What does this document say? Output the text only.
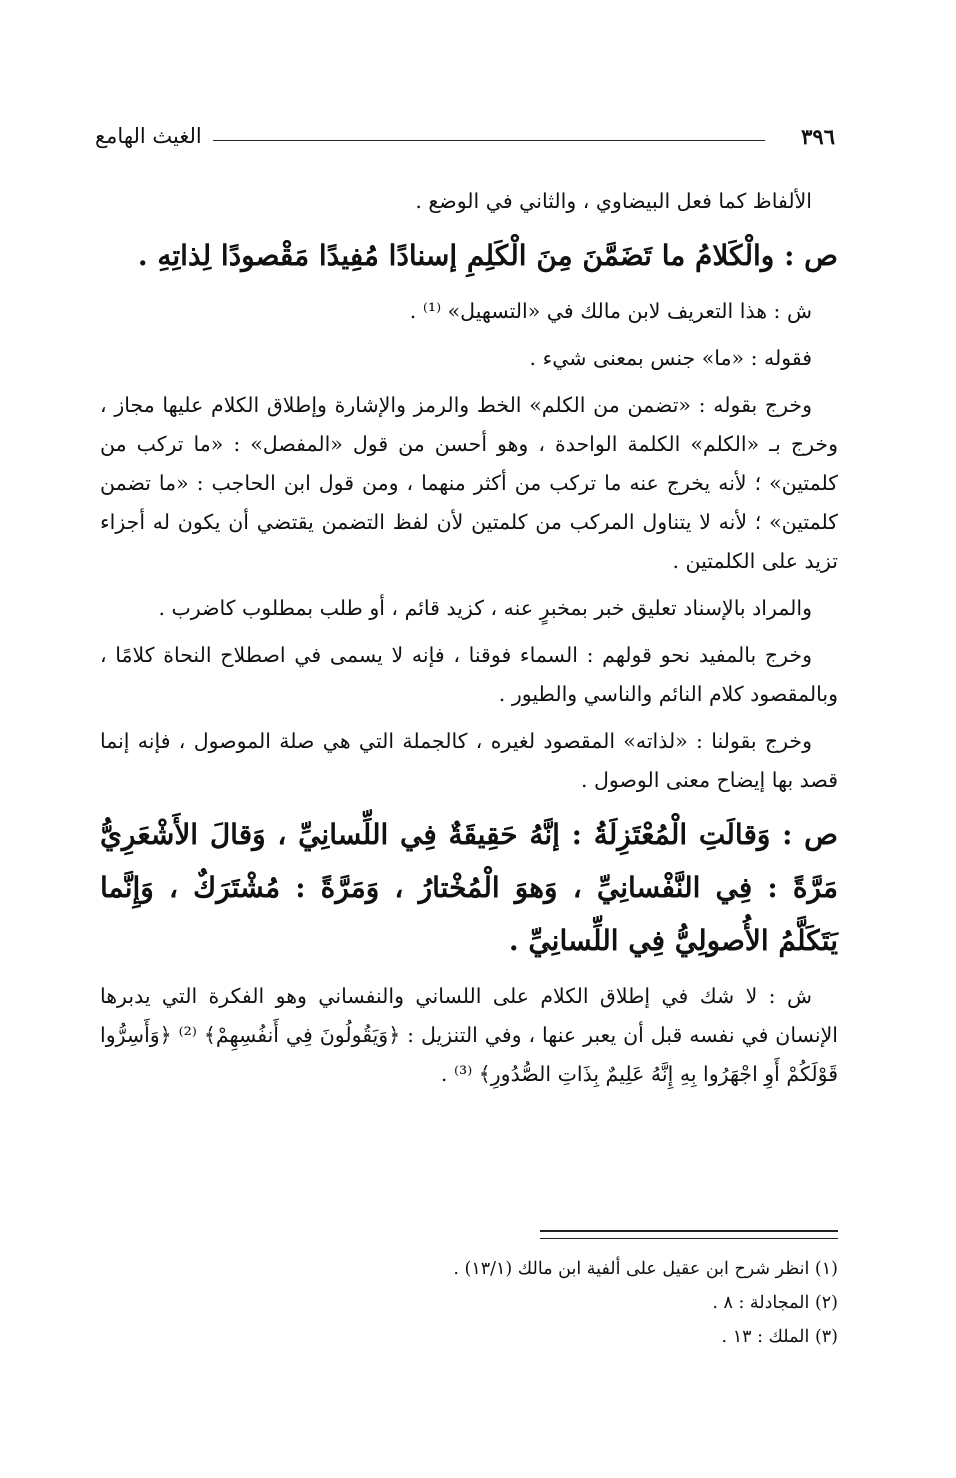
٣٩٦
الغيث الهامع

الألفاظ كما فعل البيضاوي ، والثاني في الوضع .

ص : والْكَلامُ ما تَضَمَّنَ مِنَ الْكَلِمِ إسنادًا مُفِيدًا مَقْصودًا لِذاتِهِ .

ش : هذا التعريف لابن مالك في «التسهيل» ⁽¹⁾ .

فقوله : «ما» جنس بمعنى شيء .

وخرج بقوله : «تضمن من الكلم» الخط والرمز والإشارة وإطلاق الكلام عليها مجاز ، وخرج بـ «الكلم» الكلمة الواحدة ، وهو أحسن من قول «المفصل» : «ما تركب من كلمتين» ؛ لأنه يخرج عنه ما تركب من أكثر منهما ، ومن قول ابن الحاجب : «ما تضمن كلمتين» ؛ لأنه لا يتناول المركب من كلمتين لأن لفظ التضمن يقتضي أن يكون له أجزاء تزيد على الكلمتين .

والمراد بالإسناد تعليق خبر بمخبرٍ عنه ، كزيد قائم ، أو طلب بمطلوب كاضرب .

وخرج بالمفيد نحو قولهم : السماء فوقنا ، فإنه لا يسمى في اصطلاح النحاة كلامًا ، وبالمقصود كلام النائم والناسي والطيور .

وخرج بقولنا : «لذاته» المقصود لغيره ، كالجملة التي هي صلة الموصول ، فإنه إنما قصد بها إيضاح معنى الوصول .

ص : وَقالَتِ الْمُعْتَزِلَةُ : إنَّهُ حَقِيقَةٌ فِي اللِّسانِيِّ ، وَقالَ الأَشْعَرِيُّ مَرَّةً : فِي النَّفْسانِيِّ ، وَهوَ الْمُخْتارُ ، وَمَرَّةً : مُشْتَرَكٌ ، وَإِنَّما يَتَكَلَّمُ الأُصولِيُّ فِي اللِّسانِيِّ .

ش : لا شك في إطلاق الكلام على اللساني والنفساني وهو الفكرة التي يدبرها الإنسان في نفسه قبل أن يعبر عنها ، وفي التنزيل : ﴿وَيَقُولُونَ فِي أَنفُسِهِمْ﴾ ⁽²⁾ ﴿وَأَسِرُّوا قَوْلَكُمْ أَوِ اجْهَرُوا بِهِ إِنَّهُ عَلِيمٌ بِذَاتِ الصُّدُورِ﴾ ⁽³⁾ .

(١) انظر شرح ابن عقيل على ألفية ابن مالك (١٣/١) .

(٢) المجادلة : ٨ .

(٣) الملك : ١٣ .
